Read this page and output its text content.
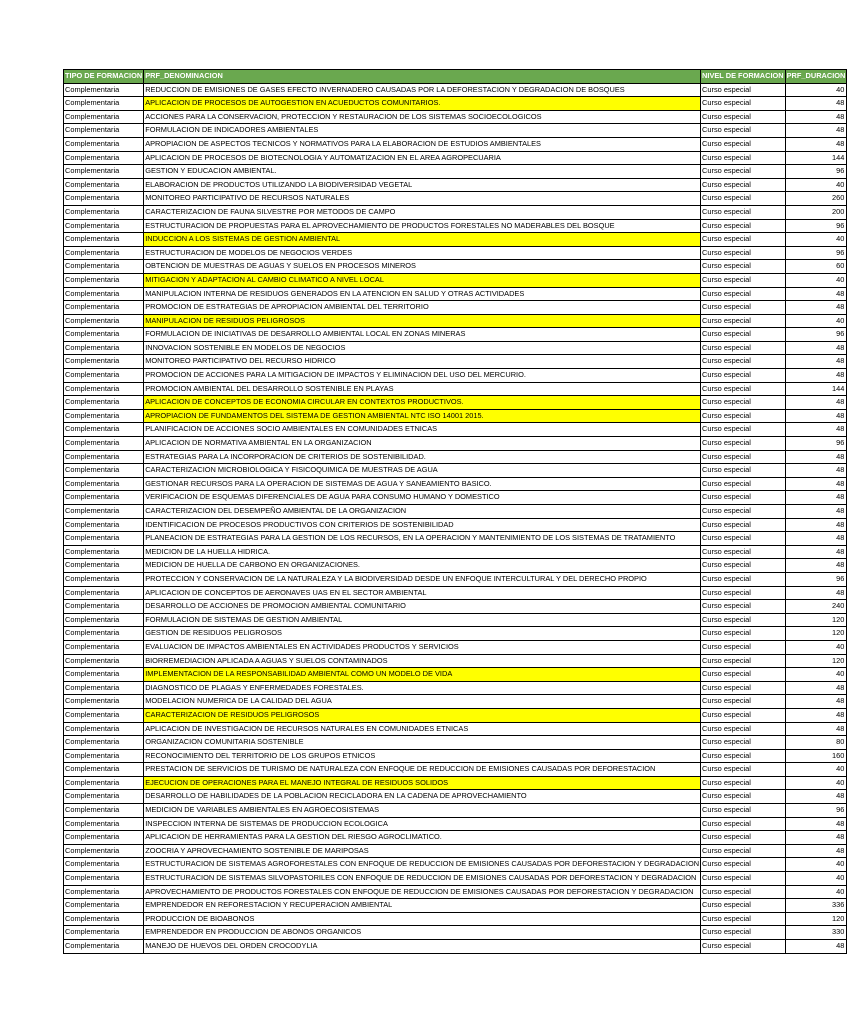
TIPO DE FORMACION	PRF_DENOMINACION	NIVEL DE FORMACION	PRF_DURACION
Complementaria	REDUCCION DE EMISIONES DE GASES EFECTO INVERNADERO CAUSADAS POR LA DEFORESTACION Y DEGRADACION DE BOSQUES	Curso especial	40
Complementaria	APLICACION DE PROCESOS DE AUTOGESTION EN ACUEDUCTOS COMUNITARIOS.	Curso especial	48
Complementaria	ACCIONES PARA LA CONSERVACION, PROTECCION Y RESTAURACION DE LOS SISTEMAS SOCIOECOLOGICOS	Curso especial	48
Complementaria	FORMULACION DE INDICADORES AMBIENTALES	Curso especial	48
Complementaria	APROPIACION DE ASPECTOS TECNICOS Y NORMATIVOS PARA LA ELABORACION DE ESTUDIOS AMBIENTALES	Curso especial	48
Complementaria	APLICACION DE PROCESOS DE BIOTECNOLOGIA Y AUTOMATIZACION EN EL AREA AGROPECUARIA	Curso especial	144
Complementaria	GESTION Y EDUCACION AMBIENTAL.	Curso especial	96
Complementaria	ELABORACION DE PRODUCTOS UTILIZANDO LA BIODIVERSIDAD VEGETAL	Curso especial	40
Complementaria	MONITOREO PARTICIPATIVO DE RECURSOS NATURALES	Curso especial	260
Complementaria	CARACTERIZACION DE FAUNA SILVESTRE POR METODOS DE CAMPO	Curso especial	200
Complementaria	ESTRUCTURACION DE PROPUESTAS PARA EL APROVECHAMIENTO DE PRODUCTOS FORESTALES NO MADERABLES DEL BOSQUE	Curso especial	96
Complementaria	INDUCCION A LOS SISTEMAS DE GESTION AMBIENTAL	Curso especial	40
Complementaria	ESTRUCTURACION DE MODELOS DE NEGOCIOS VERDES	Curso especial	96
Complementaria	OBTENCION DE MUESTRAS DE AGUAS Y SUELOS EN PROCESOS MINEROS	Curso especial	60
Complementaria	MITIGACION Y ADAPTACION AL CAMBIO CLIMATICO A NIVEL LOCAL	Curso especial	40
Complementaria	MANIPULACION INTERNA DE RESIDUOS GENERADOS EN LA ATENCION EN SALUD Y OTRAS ACTIVIDADES	Curso especial	48
Complementaria	PROMOCION DE ESTRATEGIAS DE APROPIACION AMBIENTAL DEL TERRITORIO	Curso especial	48
Complementaria	MANIPULACION DE RESIDUOS PELIGROSOS	Curso especial	40
Complementaria	FORMULACION DE INICIATIVAS DE DESARROLLO AMBIENTAL LOCAL EN ZONAS MINERAS	Curso especial	96
Complementaria	INNOVACION SOSTENIBLE EN MODELOS DE NEGOCIOS	Curso especial	48
Complementaria	MONITOREO PARTICIPATIVO DEL RECURSO HIDRICO	Curso especial	48
Complementaria	PROMOCION DE ACCIONES PARA LA MITIGACION DE IMPACTOS Y ELIMINACION DEL USO DEL MERCURIO.	Curso especial	48
Complementaria	PROMOCION AMBIENTAL DEL DESARROLLO SOSTENIBLE EN PLAYAS	Curso especial	144
Complementaria	APLICACION DE CONCEPTOS DE ECONOMIA CIRCULAR EN CONTEXTOS PRODUCTIVOS.	Curso especial	48
Complementaria	APROPIACION DE FUNDAMENTOS DEL SISTEMA DE GESTION AMBIENTAL NTC ISO 14001 2015.	Curso especial	48
Complementaria	PLANIFICACION DE ACCIONES SOCIO AMBIENTALES EN COMUNIDADES ETNICAS	Curso especial	48
Complementaria	APLICACION DE NORMATIVA AMBIENTAL EN LA ORGANIZACION	Curso especial	96
Complementaria	ESTRATEGIAS PARA LA INCORPORACION DE CRITERIOS DE SOSTENIBILIDAD.	Curso especial	48
Complementaria	CARACTERIZACION MICROBIOLOGICA Y FISICOQUIMICA DE MUESTRAS DE AGUA	Curso especial	48
Complementaria	GESTIONAR RECURSOS PARA LA OPERACION DE SISTEMAS DE AGUA Y SANEAMIENTO BASICO.	Curso especial	48
Complementaria	VERIFICACION DE ESQUEMAS DIFERENCIALES DE AGUA PARA CONSUMO HUMANO Y DOMESTICO	Curso especial	48
Complementaria	CARACTERIZACION DEL DESEMPEÑO AMBIENTAL DE LA ORGANIZACION	Curso especial	48
Complementaria	IDENTIFICACION DE PROCESOS PRODUCTIVOS CON CRITERIOS DE SOSTENIBILIDAD	Curso especial	48
Complementaria	PLANEACION DE ESTRATEGIAS PARA LA GESTION DE LOS RECURSOS, EN LA OPERACION Y MANTENIMIENTO DE LOS SISTEMAS DE TRATAMIENTO	Curso especial	48
Complementaria	MEDICION DE LA HUELLA HIDRICA.	Curso especial	48
Complementaria	MEDICION DE HUELLA DE CARBONO EN ORGANIZACIONES.	Curso especial	48
Complementaria	PROTECCION Y CONSERVACION DE LA NATURALEZA Y LA BIODIVERSIDAD DESDE UN ENFOQUE INTERCULTURAL Y DEL DERECHO PROPIO	Curso especial	96
Complementaria	APLICACION DE CONCEPTOS DE AERONAVES UAS EN EL SECTOR AMBIENTAL	Curso especial	48
Complementaria	DESARROLLO DE ACCIONES DE PROMOCION AMBIENTAL COMUNITARIO	Curso especial	240
Complementaria	FORMULACION DE SISTEMAS DE GESTION AMBIENTAL	Curso especial	120
Complementaria	GESTION DE RESIDUOS PELIGROSOS	Curso especial	120
Complementaria	EVALUACION DE IMPACTOS AMBIENTALES EN ACTIVIDADES PRODUCTOS Y SERVICIOS	Curso especial	40
Complementaria	BIORREMEDIACION APLICADA A AGUAS Y SUELOS CONTAMINADOS	Curso especial	120
Complementaria	IMPLEMENTACION DE LA RESPONSABILIDAD AMBIENTAL COMO UN MODELO DE VIDA	Curso especial	40
Complementaria	DIAGNOSTICO DE PLAGAS Y ENFERMEDADES FORESTALES.	Curso especial	48
Complementaria	MODELACION NUMERICA DE LA CALIDAD DEL AGUA	Curso especial	48
Complementaria	CARACTERIZACION DE RESIDUOS PELIGROSOS	Curso especial	48
Complementaria	APLICACION DE INVESTIGACION DE RECURSOS NATURALES EN COMUNIDADES ETNICAS	Curso especial	48
Complementaria	ORGANIZACION COMUNITARIA SOSTENIBLE	Curso especial	80
Complementaria	RECONOCIMIENTO DEL TERRITORIO DE LOS GRUPOS ETNICOS	Curso especial	160
Complementaria	PRESTACION DE SERVICIOS DE TURISMO DE NATURALEZA CON ENFOQUE DE REDUCCION DE EMISIONES CAUSADAS POR DEFORESTACION	Curso especial	40
Complementaria	EJECUCION DE OPERACIONES PARA EL MANEJO INTEGRAL DE RESIDUOS SOLIDOS	Curso especial	40
Complementaria	DESARROLLO DE HABILIDADES DE LA POBLACION RECICLADORA EN LA CADENA DE APROVECHAMIENTO	Curso especial	48
Complementaria	MEDICION DE VARIABLES AMBIENTALES EN AGROECOSISTEMAS	Curso especial	96
Complementaria	INSPECCION INTERNA DE SISTEMAS DE PRODUCCION ECOLOGICA	Curso especial	48
Complementaria	APLICACION DE HERRAMIENTAS PARA LA GESTION DEL RIESGO AGROCLIMATICO.	Curso especial	48
Complementaria	ZOOCRIA Y APROVECHAMIENTO SOSTENIBLE DE MARIPOSAS	Curso especial	48
Complementaria	ESTRUCTURACION DE SISTEMAS AGROFORESTALES CON ENFOQUE DE REDUCCION DE EMISIONES CAUSADAS POR DEFORESTACION Y DEGRADACION	Curso especial	40
Complementaria	ESTRUCTURACION DE SISTEMAS SILVOPASTORILES CON ENFOQUE DE REDUCCION DE EMISIONES CAUSADAS POR DEFORESTACION Y DEGRADACION	Curso especial	40
Complementaria	APROVECHAMIENTO DE PRODUCTOS FORESTALES CON ENFOQUE DE REDUCCION DE EMISIONES CAUSADAS POR DEFORESTACION Y DEGRADACION	Curso especial	40
Complementaria	EMPRENDEDOR EN REFORESTACION Y RECUPERACION AMBIENTAL	Curso especial	336
Complementaria	PRODUCCION DE BIOABONOS	Curso especial	120
Complementaria	EMPRENDEDOR EN PRODUCCION DE ABONOS ORGANICOS	Curso especial	330
Complementaria	MANEJO DE HUEVOS DEL ORDEN CROCODYLIA	Curso especial	48
